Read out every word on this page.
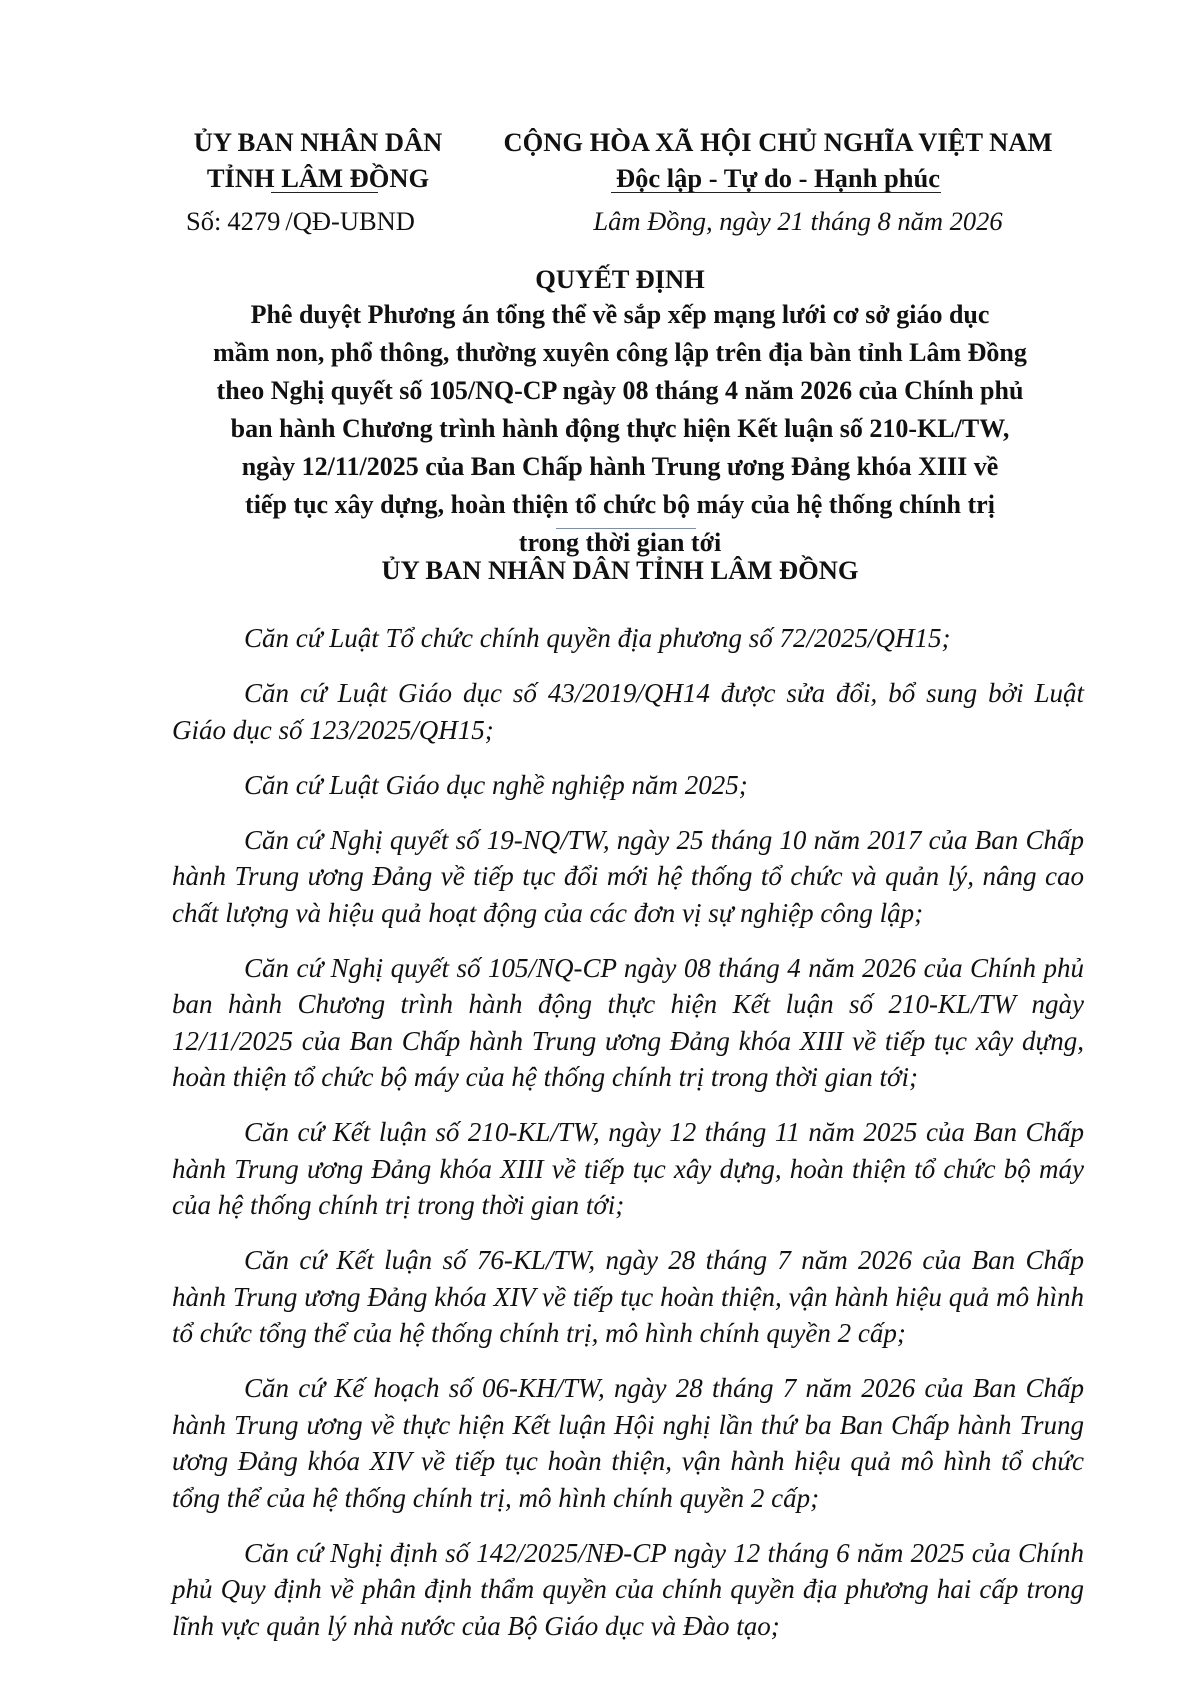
ỦY BAN NHÂN DÂN
TỈNH LÂM ĐỒNG
CỘNG HÒA XÃ HỘI CHỦ NGHĨA VIỆT NAM
Độc lập - Tự do - Hạnh phúc
Số: 4279 /QĐ-UBND	Lâm Đồng, ngày 21 tháng 8 năm 2026
QUYẾT ĐỊNH
Phê duyệt Phương án tổng thể về sắp xếp mạng lưới cơ sở giáo dục
mầm non, phổ thông, thường xuyên công lập trên địa bàn tỉnh Lâm Đồng
theo Nghị quyết số 105/NQ-CP ngày 08 tháng 4 năm 2026 của Chính phủ
ban hành Chương trình hành động thực hiện Kết luận số 210-KL/TW,
ngày 12/11/2025 của Ban Chấp hành Trung ương Đảng khóa XIII về
tiếp tục xây dựng, hoàn thiện tổ chức bộ máy của hệ thống chính trị
trong thời gian tới
ỦY BAN NHÂN DÂN TỈNH LÂM ĐỒNG

Căn cứ Luật Tổ chức chính quyền địa phương số 72/2025/QH15;

Căn cứ Luật Giáo dục số 43/2019/QH14 được sửa đổi, bổ sung bởi Luật Giáo dục số 123/2025/QH15;

Căn cứ Luật Giáo dục nghề nghiệp năm 2025;

Căn cứ Nghị quyết số 19-NQ/TW, ngày 25 tháng 10 năm 2017 của Ban Chấp hành Trung ương Đảng về tiếp tục đổi mới hệ thống tổ chức và quản lý, nâng cao chất lượng và hiệu quả hoạt động của các đơn vị sự nghiệp công lập;

Căn cứ Nghị quyết số 105/NQ-CP ngày 08 tháng 4 năm 2026 của Chính phủ ban hành Chương trình hành động thực hiện Kết luận số 210-KL/TW ngày 12/11/2025 của Ban Chấp hành Trung ương Đảng khóa XIII về tiếp tục xây dựng, hoàn thiện tổ chức bộ máy của hệ thống chính trị trong thời gian tới;

Căn cứ Kết luận số 210-KL/TW, ngày 12 tháng 11 năm 2025 của Ban Chấp hành Trung ương Đảng khóa XIII về tiếp tục xây dựng, hoàn thiện tổ chức bộ máy của hệ thống chính trị trong thời gian tới;

Căn cứ Kết luận số 76-KL/TW, ngày 28 tháng 7 năm 2026 của Ban Chấp hành Trung ương Đảng khóa XIV về tiếp tục hoàn thiện, vận hành hiệu quả mô hình tổ chức tổng thể của hệ thống chính trị, mô hình chính quyền 2 cấp;

Căn cứ Kế hoạch số 06-KH/TW, ngày 28 tháng 7 năm 2026 của Ban Chấp hành Trung ương về thực hiện Kết luận Hội nghị lần thứ ba Ban Chấp hành Trung ương Đảng khóa XIV về tiếp tục hoàn thiện, vận hành hiệu quả mô hình tổ chức tổng thể của hệ thống chính trị, mô hình chính quyền 2 cấp;

Căn cứ Nghị định số 142/2025/NĐ-CP ngày 12 tháng 6 năm 2025 của Chính phủ Quy định về phân định thẩm quyền của chính quyền địa phương hai cấp trong lĩnh vực quản lý nhà nước của Bộ Giáo dục và Đào tạo;
